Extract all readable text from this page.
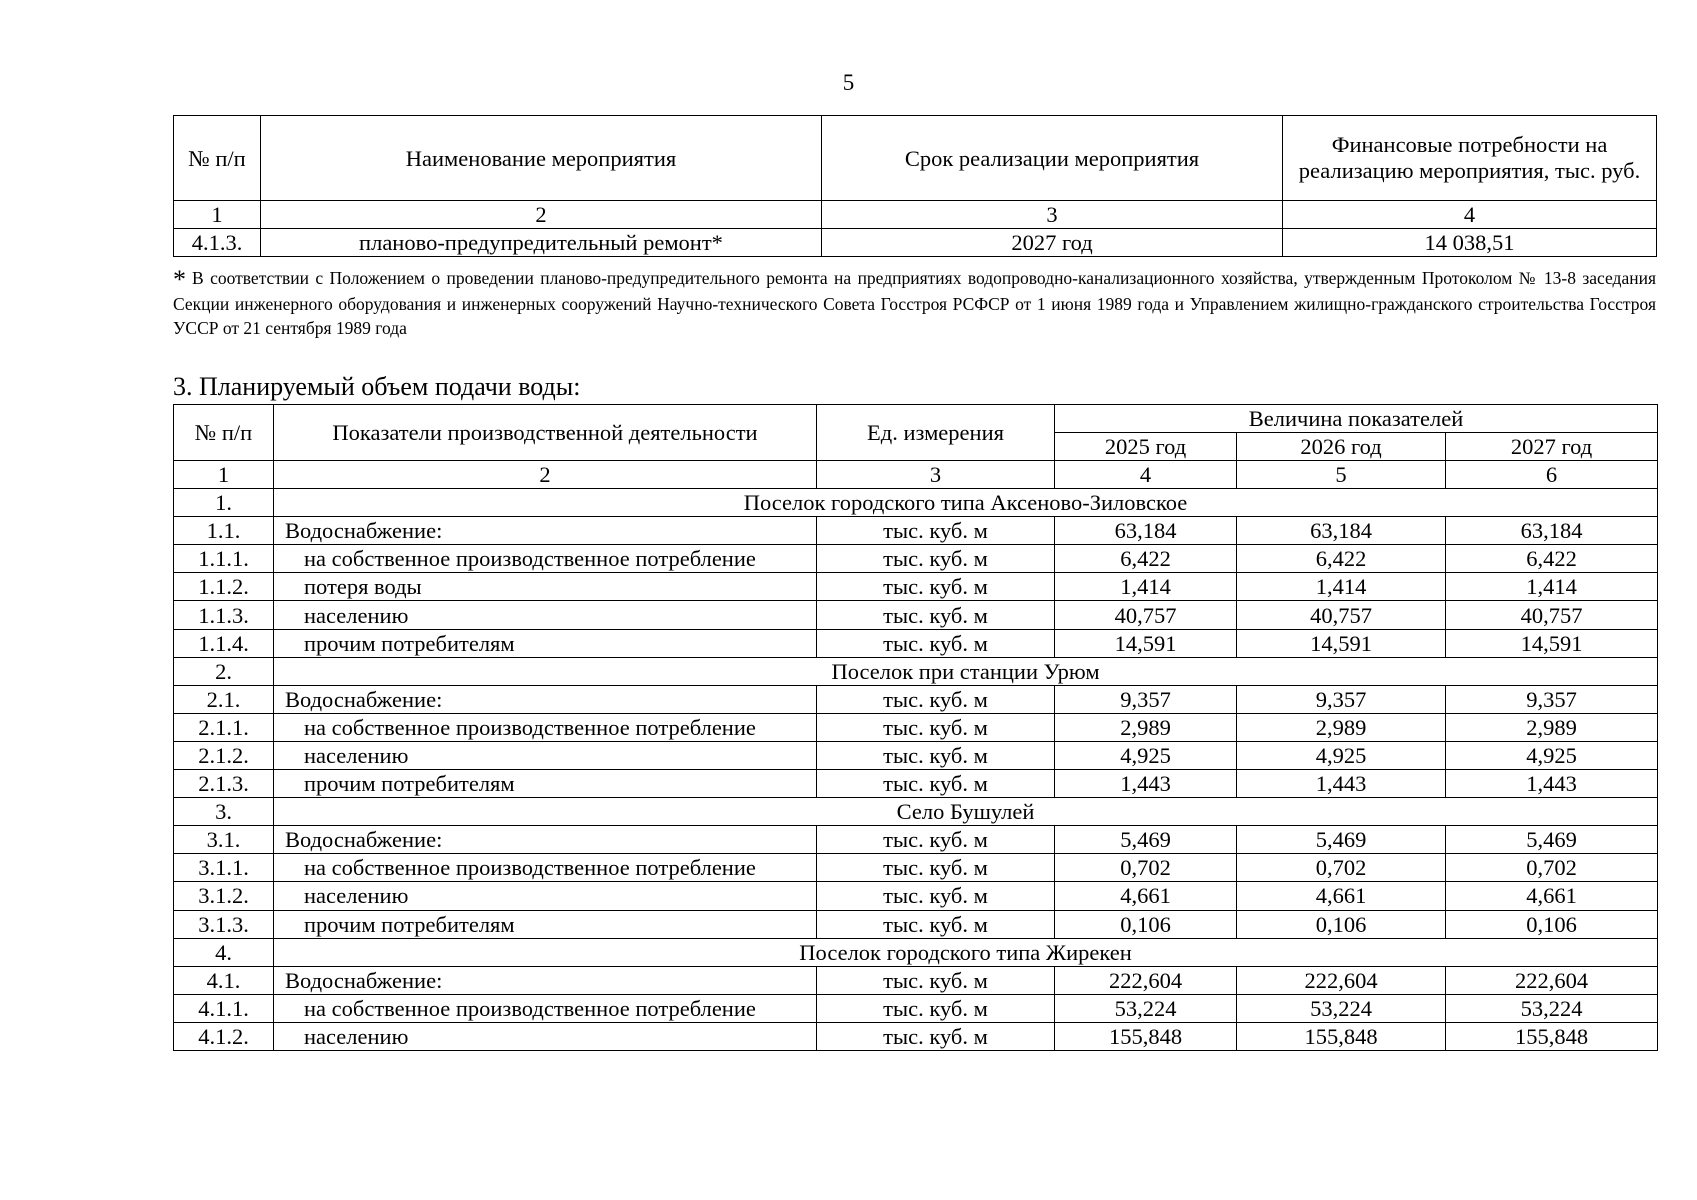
5
№ п/п	Наименование мероприятия	Срок реализации мероприятия	Финансовые потребности на реализацию мероприятия, тыс. руб.
1	2	3	4
4.1.3.	планово-предупредительный ремонт*	2027 год	14 038,51
* В соответствии с Положением о проведении планово-предупредительного ремонта на предприятиях водопроводно-канализационного хозяйства, утвержденным Протоколом № 13-8 заседания Секции инженерного оборудования и инженерных сооружений Научно-технического Совета Госстроя РСФСР от 1 июня 1989 года и Управлением жилищно-гражданского строительства Госстроя УССР от 21 сентября 1989 года
3. Планируемый объем подачи воды:
№ п/п	Показатели производственной деятельности	Ед. измерения	Величина показателей		
			2025 год	2026 год	2027 год
1	2	3	4	5	6
1.	Поселок городского типа Аксеново-Зиловское				
1.1.	Водоснабжение:	тыс. куб. м	63,184	63,184	63,184
1.1.1.	на собственное производственное потребление	тыс. куб. м	6,422	6,422	6,422
1.1.2.	потеря воды	тыс. куб. м	1,414	1,414	1,414
1.1.3.	населению	тыс. куб. м	40,757	40,757	40,757
1.1.4.	прочим потребителям	тыс. куб. м	14,591	14,591	14,591
2.	Поселок при станции Урюм				
2.1.	Водоснабжение:	тыс. куб. м	9,357	9,357	9,357
2.1.1.	на собственное производственное потребление	тыс. куб. м	2,989	2,989	2,989
2.1.2.	населению	тыс. куб. м	4,925	4,925	4,925
2.1.3.	прочим потребителям	тыс. куб. м	1,443	1,443	1,443
3.	Село Бушулей				
3.1.	Водоснабжение:	тыс. куб. м	5,469	5,469	5,469
3.1.1.	на собственное производственное потребление	тыс. куб. м	0,702	0,702	0,702
3.1.2.	населению	тыс. куб. м	4,661	4,661	4,661
3.1.3.	прочим потребителям	тыс. куб. м	0,106	0,106	0,106
4.	Поселок городского типа Жирекен				
4.1.	Водоснабжение:	тыс. куб. м	222,604	222,604	222,604
4.1.1.	на собственное производственное потребление	тыс. куб. м	53,224	53,224	53,224
4.1.2.	населению	тыс. куб. м	155,848	155,848	155,848
